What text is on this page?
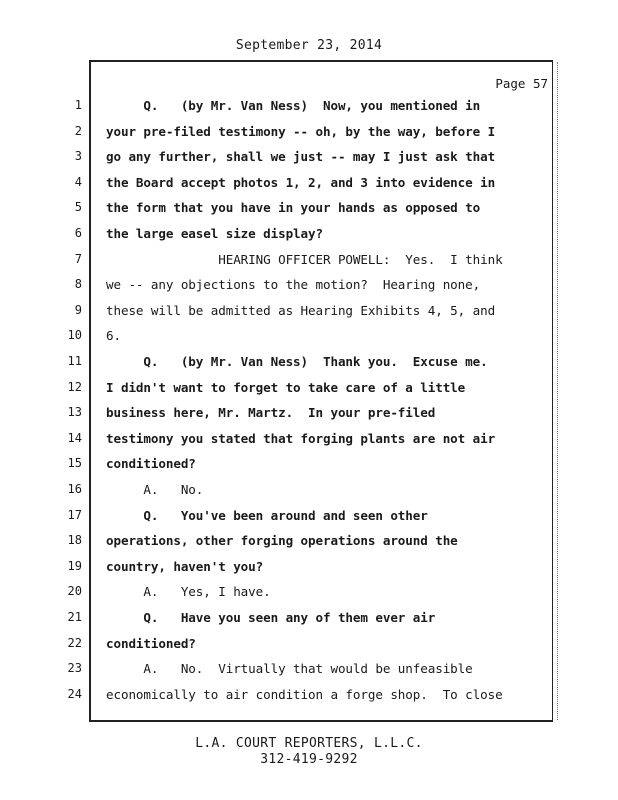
September 23, 2014
Page 57
1 Q.   (by Mr. Van Ness)  Now, you mentioned in
2 your pre-filed testimony -- oh, by the way, before I
3 go any further, shall we just -- may I just ask that
4 the Board accept photos 1, 2, and 3 into evidence in
5 the form that you have in your hands as opposed to
6 the large easel size display?
7 HEARING OFFICER POWELL:  Yes.  I think
8 we -- any objections to the motion?  Hearing none,
9 these will be admitted as Hearing Exhibits 4, 5, and
10 6.
11 Q.   (by Mr. Van Ness)  Thank you.  Excuse me.
12 I didn't want to forget to take care of a little
13 business here, Mr. Martz.  In your pre-filed
14 testimony you stated that forging plants are not air
15 conditioned?
16 A.   No.
17 Q.   You've been around and seen other
18 operations, other forging operations around the
19 country, haven't you?
20 A.   Yes, I have.
21 Q.   Have you seen any of them ever air
22 conditioned?
23 A.   No.  Virtually that would be unfeasible
24 economically to air condition a forge shop.  To close
L.A. COURT REPORTERS, L.L.C.
312-419-9292
